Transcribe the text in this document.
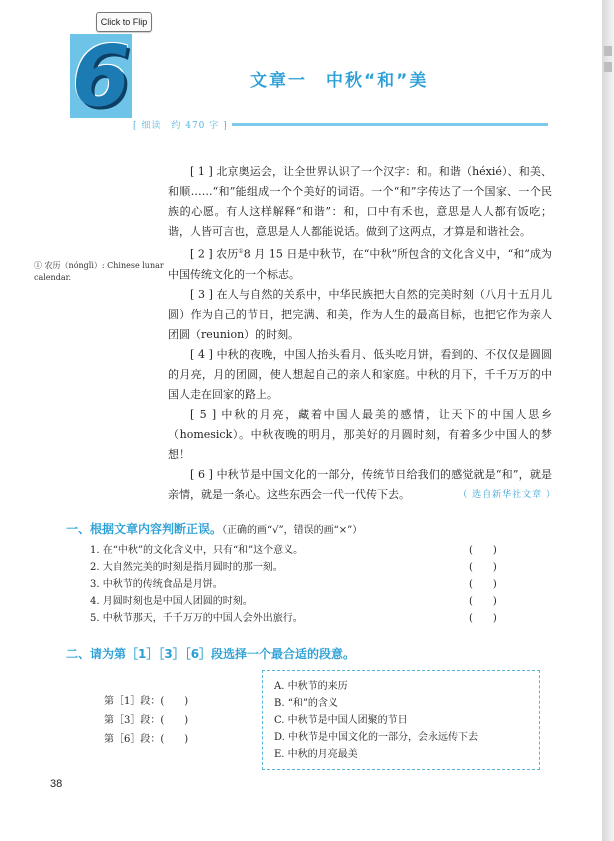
Click to Flip
6	文章一　中秋“和”美
[ 细读　约 470 字 ]
① 农历（nónglì）: Chinese lunar calendar.

[ 1 ] 北京奥运会，让全世界认识了一个汉字：和。和谐（héxié）、和美、和顺……“和”能组成一个个美好的词语。一个“和”字传达了一个国家、一个民族的心愿。有人这样解释“和谐”：和，口中有禾也，意思是人人都有饭吃；谐，人皆可言也，意思是人人都能说话。做到了这两点，才算是和谐社会。

[ 2 ] 农历①8 月 15 日是中秋节，在“中秋”所包含的文化含义中，“和”成为中国传统文化的一个标志。

[ 3 ] 在人与自然的关系中，中华民族把大自然的完美时刻（八月十五月儿圆）作为自己的节日，把完满、和美，作为人生的最高目标，也把它作为亲人团圆（reunion）的时刻。

[ 4 ] 中秋的夜晚，中国人抬头看月、低头吃月饼，看到的、不仅仅是圆圆的月亮，月的团圆，使人想起自己的亲人和家庭。中秋的月下，千千万万的中国人走在回家的路上。

[ 5 ] 中秋的月亮，藏着中国人最美的感情，让天下的中国人思乡（homesick）。中秋夜晚的明月，那美好的月圆时刻，有着多少中国人的梦想！

[ 6 ] 中秋节是中国文化的一部分，传统节日给我们的感觉就是“和”，就是亲情，就是一条心。这些东西会一代一代传下去。	（ 选自新华社文章 ）
一、根据文章内容判断正误。（正确的画“√”，错误的画“×”）
1. 在“中秋”的文化含义中，只有“和”这个意义。	(　　)
2. 大自然完美的时刻是指月圆时的那一刻。	(　　)
3. 中秋节的传统食品是月饼。	(　　)
4. 月圆时刻也是中国人团圆的时刻。	(　　)
5. 中秋节那天，千千万万的中国人会外出旅行。	(　　)
二、请为第［1］［3］［6］段选择一个最合适的段意。
第［1］段：(　　)
第［3］段：(　　)
第［6］段：(　　)
A. 中秋节的来历
B. “和”的含义
C. 中秋节是中国人团聚的节日
D. 中秋节是中国文化的一部分，会永远传下去
E. 中秋的月亮最美
38
